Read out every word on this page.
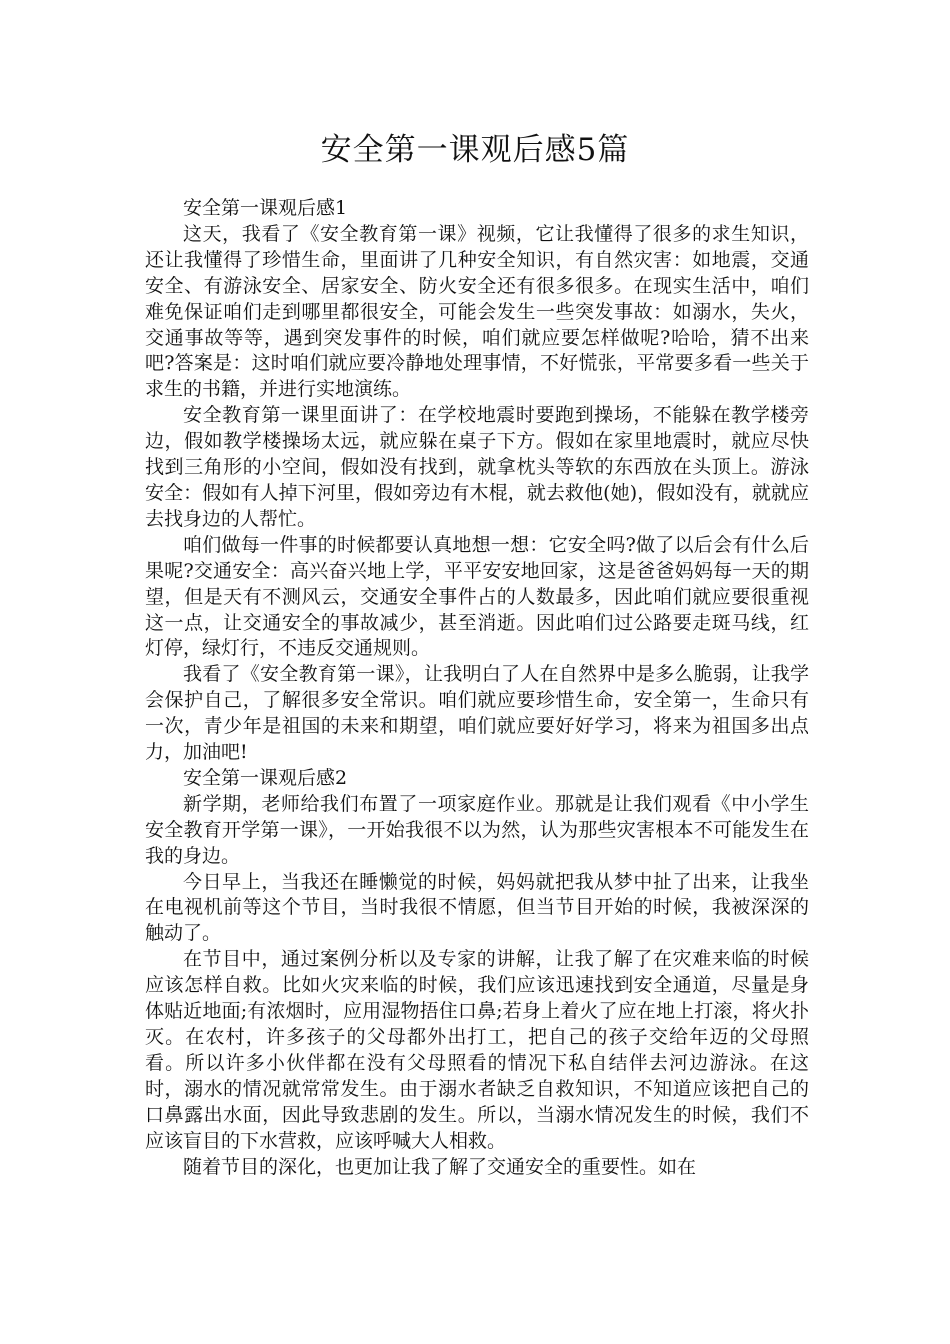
安全第一课观后感5篇

安全第一课观后感1

这天，我看了《安全教育第一课》视频，它让我懂得了很多的求生知识，还让我懂得了珍惜生命，里面讲了几种安全知识，有自然灾害：如地震，交通安全、有游泳安全、居家安全、防火安全还有很多很多。在现实生活中，咱们难免保证咱们走到哪里都很安全，可能会发生一些突发事故：如溺水，失火，交通事故等等，遇到突发事件的时候，咱们就应要怎样做呢?哈哈，猜不出来吧?答案是：这时咱们就应要冷静地处理事情，不好慌张，平常要多看一些关于求生的书籍，并进行实地演练。

安全教育第一课里面讲了：在学校地震时要跑到操场，不能躲在教学楼旁边，假如教学楼操场太远，就应躲在桌子下方。假如在家里地震时，就应尽快找到三角形的小空间，假如没有找到，就拿枕头等软的东西放在头顶上。游泳安全：假如有人掉下河里，假如旁边有木棍，就去救他(她)，假如没有，就就应去找身边的人帮忙。

咱们做每一件事的时候都要认真地想一想：它安全吗?做了以后会有什么后果呢?交通安全：高兴奋兴地上学，平平安安地回家，这是爸爸妈妈每一天的期望，但是天有不测风云，交通安全事件占的人数最多，因此咱们就应要很重视这一点，让交通安全的事故减少，甚至消逝。因此咱们过公路要走斑马线，红灯停，绿灯行，不违反交通规则。

我看了《安全教育第一课》，让我明白了人在自然界中是多么脆弱，让我学会保护自己，了解很多安全常识。咱们就应要珍惜生命，安全第一，生命只有一次，青少年是祖国的未来和期望，咱们就应要好好学习，将来为祖国多出点力，加油吧!

安全第一课观后感2

新学期，老师给我们布置了一项家庭作业。那就是让我们观看《中小学生安全教育开学第一课》，一开始我很不以为然，认为那些灾害根本不可能发生在我的身边。

今日早上，当我还在睡懒觉的时候，妈妈就把我从梦中扯了出来，让我坐在电视机前等这个节目，当时我很不情愿，但当节目开始的时候，我被深深的触动了。

在节目中，通过案例分析以及专家的讲解，让我了解了在灾难来临的时候应该怎样自救。比如火灾来临的时候，我们应该迅速找到安全通道，尽量是身体贴近地面;有浓烟时，应用湿物捂住口鼻;若身上着火了应在地上打滚，将火扑灭。在农村，许多孩子的父母都外出打工，把自己的孩子交给年迈的父母照看。所以许多小伙伴都在没有父母照看的情况下私自结伴去河边游泳。在这时，溺水的情况就常常发生。由于溺水者缺乏自救知识，不知道应该把自己的口鼻露出水面，因此导致悲剧的发生。所以，当溺水情况发生的时候，我们不应该盲目的下水营救，应该呼喊大人相救。

随着节目的深化，也更加让我了解了交通安全的重要性。如在
